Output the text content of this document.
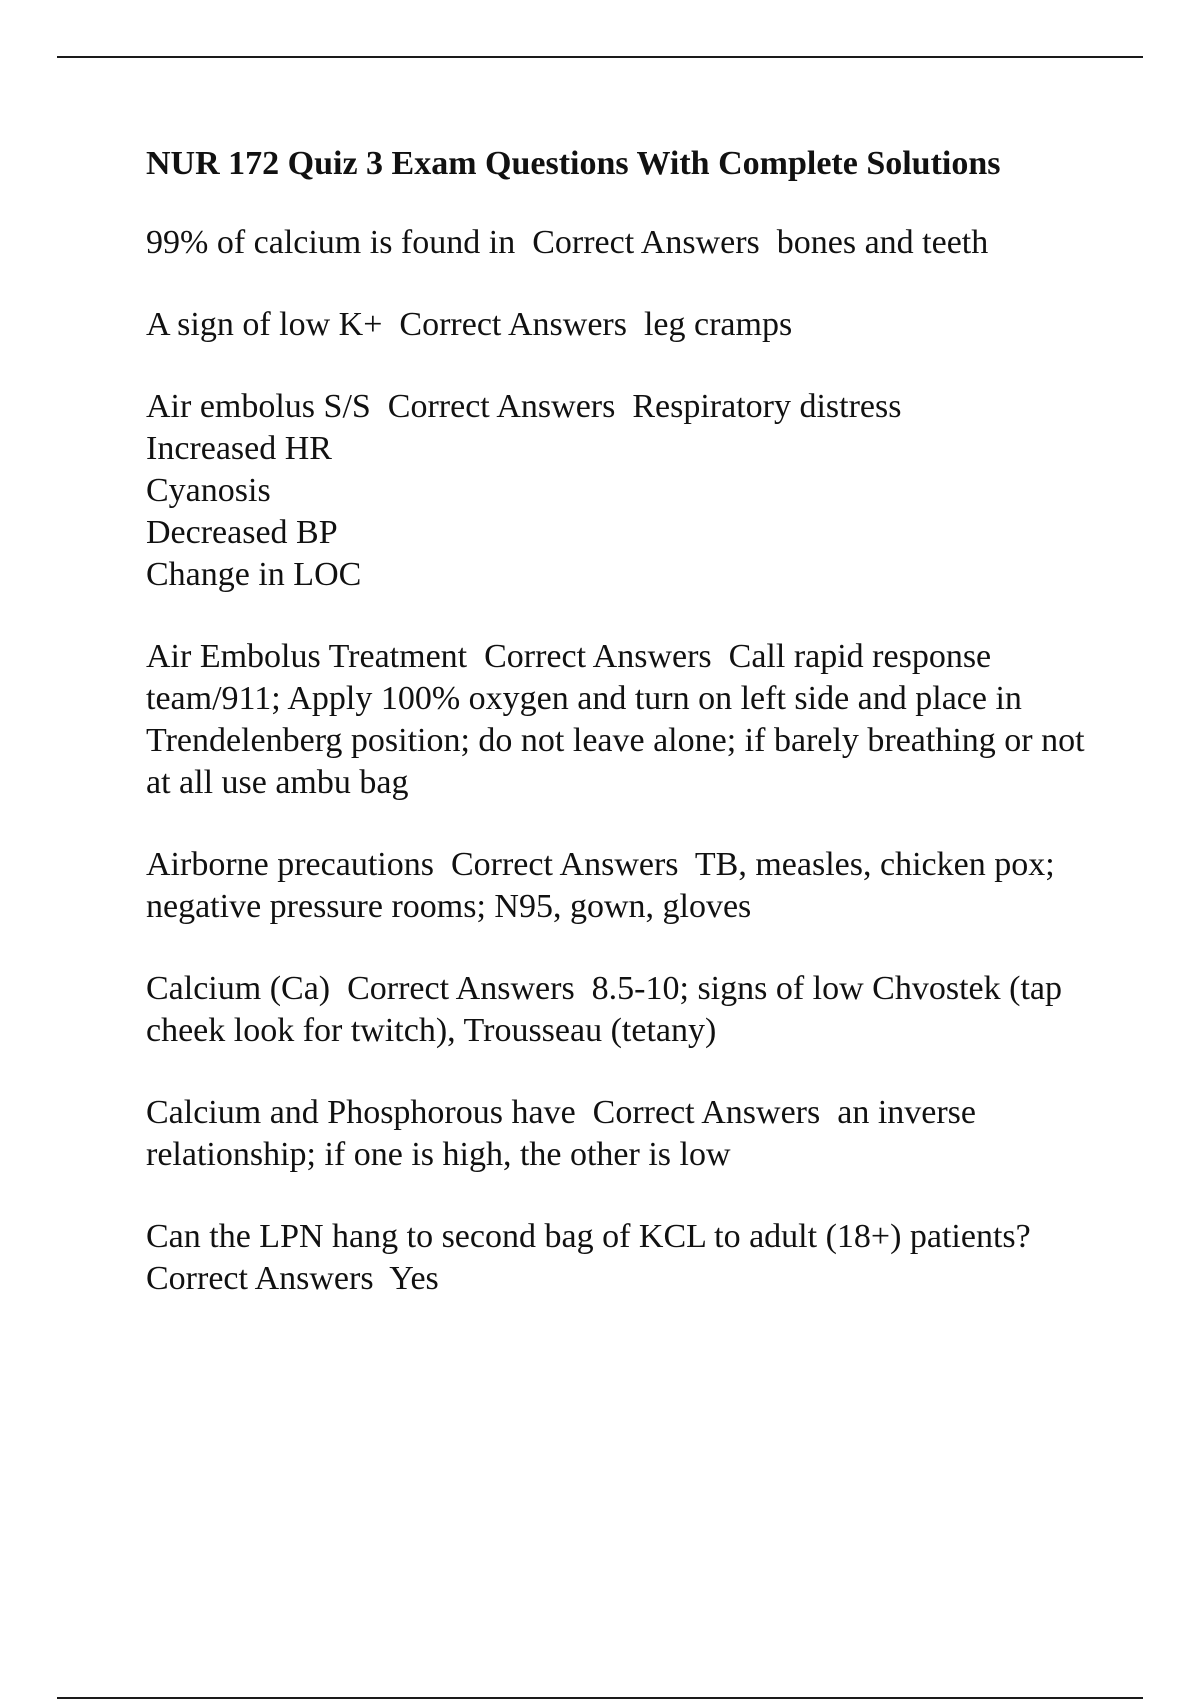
NUR 172 Quiz 3 Exam Questions With Complete Solutions

99% of calcium is found in  Correct Answers  bones and teeth

A sign of low K+  Correct Answers  leg cramps

Air embolus S/S  Correct Answers  Respiratory distress
Increased HR
Cyanosis
Decreased BP
Change in LOC

Air Embolus Treatment  Correct Answers  Call rapid response team/911; Apply 100% oxygen and turn on left side and place in Trendelenberg position; do not leave alone; if barely breathing or not at all use ambu bag

Airborne precautions  Correct Answers  TB, measles, chicken pox; negative pressure rooms; N95, gown, gloves

Calcium (Ca)  Correct Answers  8.5-10; signs of low Chvostek (tap cheek look for twitch), Trousseau (tetany)

Calcium and Phosphorous have  Correct Answers  an inverse relationship; if one is high, the other is low

Can the LPN hang to second bag of KCL to adult (18+) patients?  Correct Answers  Yes
